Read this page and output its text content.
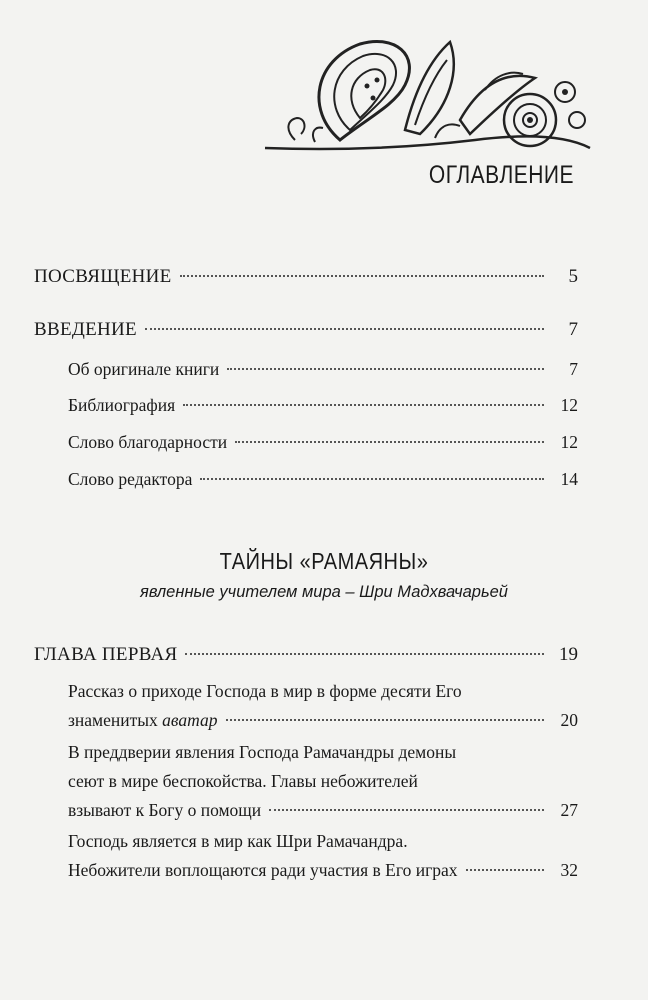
ОГЛАВЛЕНИЕ
ПОСВЯЩЕНИЕ	5
ВВЕДЕНИЕ	7
Об оригинале книги	7
Библиография	12
Слово благодарности	12
Слово редактора	14
ТАЙНЫ «РАМАЯНЫ»
явленные учителем мира – Шри Мадхвачарьей
ГЛАВА ПЕРВАЯ	19
Рассказ о приходе Господа в мир в форме десяти Его
знаменитых аватар	20
В преддверии явления Господа Рамачандры демоны
сеют в мире беспокойства. Главы небожителей
взывают к Богу о помощи	27
Господь является в мир как Шри Рамачандра.
Небожители воплощаются ради участия в Его играх	32
